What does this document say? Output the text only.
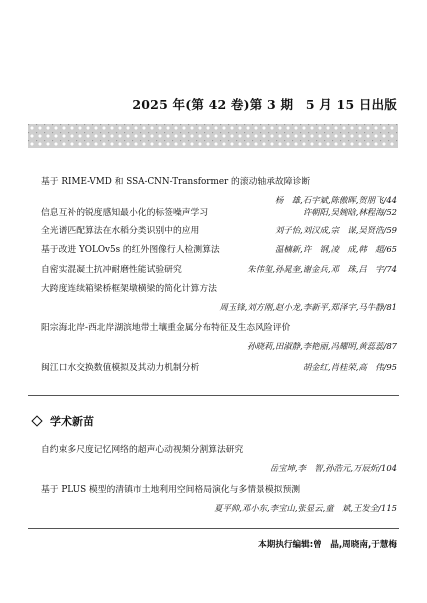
2025 年(第 42 卷)第 3 期　5 月 15 日出版
基于 RIME-VMD 和 SSA-CNN-Transformer 的滚动轴承故障诊断
杨　雄,石宇斌,陈傲晖,贺朋飞/44
信息互补的锐度感知最小化的标签噪声学习	许朝阳,吴婉晗,林程海/52
全光谱匹配算法在水稻分类识别中的应用	刘子怡,刘汉成,宗　谋,吴贤浩/59
基于改进 YOLOv5s 的红外图像行人检测算法	温楠新,许　钢,凌　成,韩　超/65
自密实混凝土抗冲耐磨性能试验研究	朱伟玺,孙晁奎,谢金兵,邓　珠,吕　宇/74
大跨度连续箱梁桥框架墩横梁的简化计算方法
周玉锋,刘方刚,赵小龙,李新平,郑泽宇,马牛静/81
阳宗海北岸-西北岸湖滨地带土壤重金属分布特征及生态风险评价
孙晓莉,田淑静,李艳丽,冯耀明,黄蕊蕊/87
闽江口水交换数值模拟及其动力机制分析	胡金红,肖桂荣,高　伟/95
学术新苗
自约束多尺度记忆网络的超声心动视频分割算法研究
岳宝坤,李　智,孙浩元,万辰炘/104
基于 PLUS 模型的清镇市土地利用空间格局演化与多情景模拟预测
夏平帅,邓小东,李宝山,张显云,童　斌,王发全/115
本期执行编辑:曾　晶,周晓南,于慧梅
